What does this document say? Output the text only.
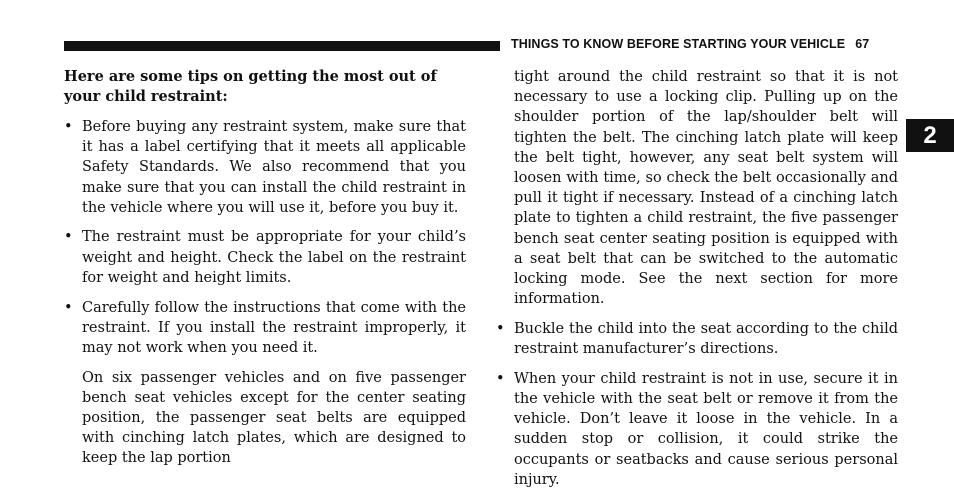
THINGS TO KNOW BEFORE STARTING YOUR VEHICLE 67
2

Here are some tips on getting the most out of your child restraint:

• Before buying any restraint system, make sure that it has a label certifying that it meets all applicable Safety Standards. We also recommend that you make sure that you can install the child restraint in the vehicle where you will use it, before you buy it.
• The restraint must be appropriate for your child’s weight and height. Check the label on the restraint for weight and height limits.
• Carefully follow the instructions that come with the restraint. If you install the restraint improperly, it may not work when you need it.

On six passenger vehicles and on five passenger bench seat vehicles except for the center seating position, the passenger seat belts are equipped with cinching latch plates, which are designed to keep the lap portion

tight around the child restraint so that it is not necessary to use a locking clip. Pulling up on the shoulder portion of the lap/shoulder belt will tighten the belt. The cinching latch plate will keep the belt tight, however, any seat belt system will loosen with time, so check the belt occasionally and pull it tight if necessary. Instead of a cinching latch plate to tighten a child restraint, the five passenger bench seat center seating position is equipped with a seat belt that can be switched to the automatic locking mode. See the next section for more information.

• Buckle the child into the seat according to the child restraint manufacturer’s directions.
• When your child restraint is not in use, secure it in the vehicle with the seat belt or remove it from the vehicle. Don’t leave it loose in the vehicle. In a sudden stop or collision, it could strike the occupants or seatbacks and cause serious personal injury.
